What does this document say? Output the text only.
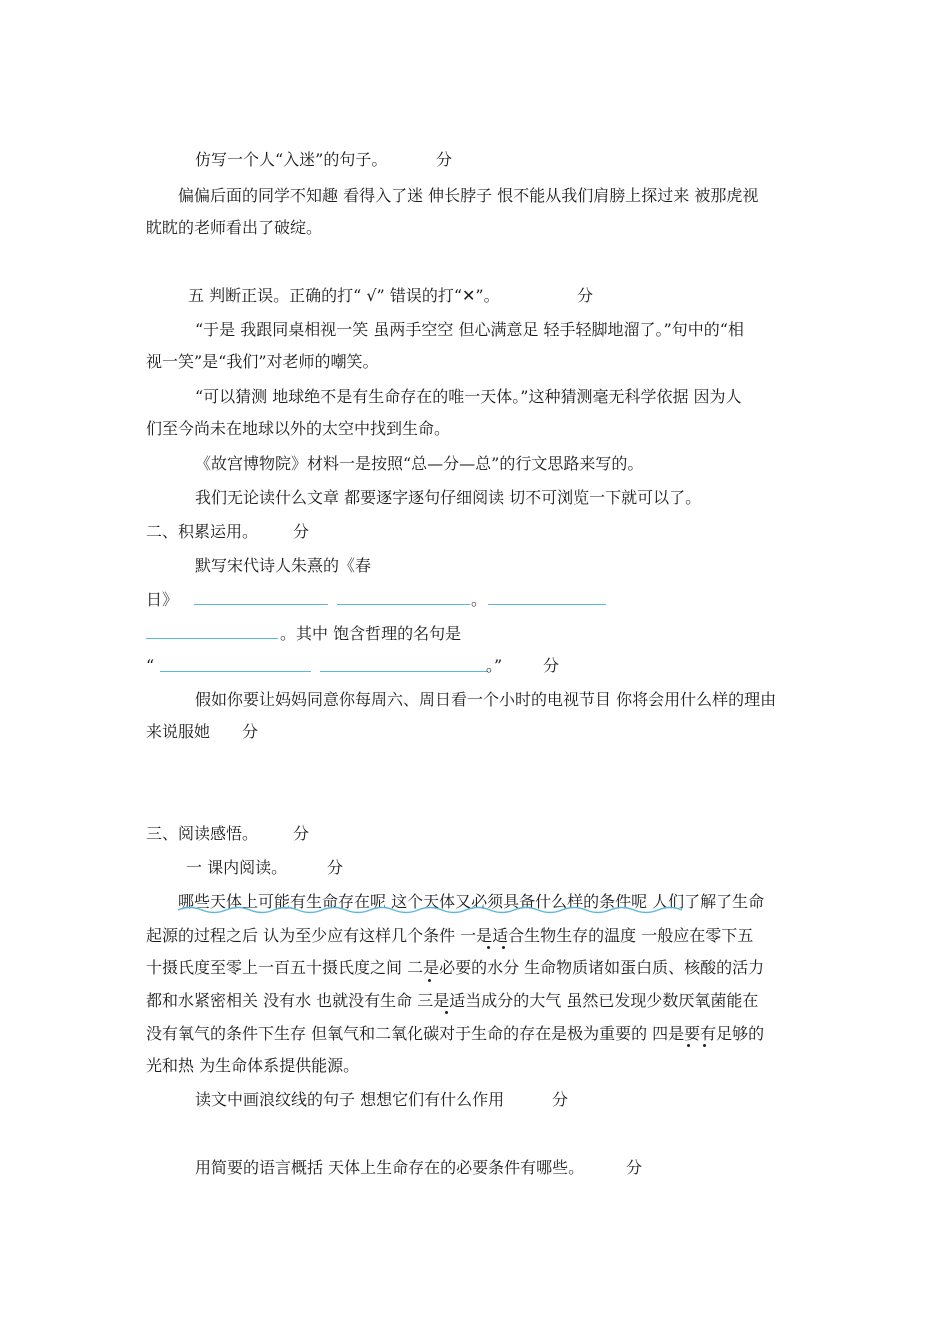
仿写一个人“入迷”的句子。	分
偏偏后面的同学不知趣 看得入了迷 伸长脖子 恨不能从我们肩膀上探过来 被那虎视
眈眈的老师看出了破绽。
五 判断正误。正确的打“ √” 错误的打“✕”。	分
“于是 我跟同桌相视一笑 虽两手空空 但心满意足 轻手轻脚地溜了。”句中的“相
视一笑”是“我们”对老师的嘲笑。
“可以猜测 地球绝不是有生命存在的唯一天体。”这种猜测毫无科学依据 因为人
们至今尚未在地球以外的太空中找到生命。
《故宫博物院》材料一是按照“总—分—总”的行文思路来写的。
我们无论读什么文章 都要逐字逐句仔细阅读 切不可浏览一下就可以了。
二、积累运用。 分
默写宋代诗人朱熹的《春
日》	。
。其中 饱含哲理的名句是
“	。”	分
假如你要让妈妈同意你每周六、周日看一个小时的电视节目 你将会用什么样的理由
来说服她 分
三、阅读感悟。 分
一 课内阅读。 分
哪些天体上可能有生命存在呢 这个天体又必须具备什么样的条件呢 人们了解了生命
起源的过程之后 认为至少应有这样几个条件 一是适合生物生存的温度 一般应在零下五
十摄氏度至零上一百五十摄氏度之间 二是必要的水分 生命物质诸如蛋白质、核酸的活力
都和水紧密相关 没有水 也就没有生命 三是适当成分的大气 虽然已发现少数厌氧菌能在
没有氧气的条件下生存 但氧气和二氧化碳对于生命的存在是极为重要的 四是要有足够的
光和热 为生命体系提供能源。
读文中画浪纹线的句子 想想它们有什么作用	分
用简要的语言概括 天体上生命存在的必要条件有哪些。	分
